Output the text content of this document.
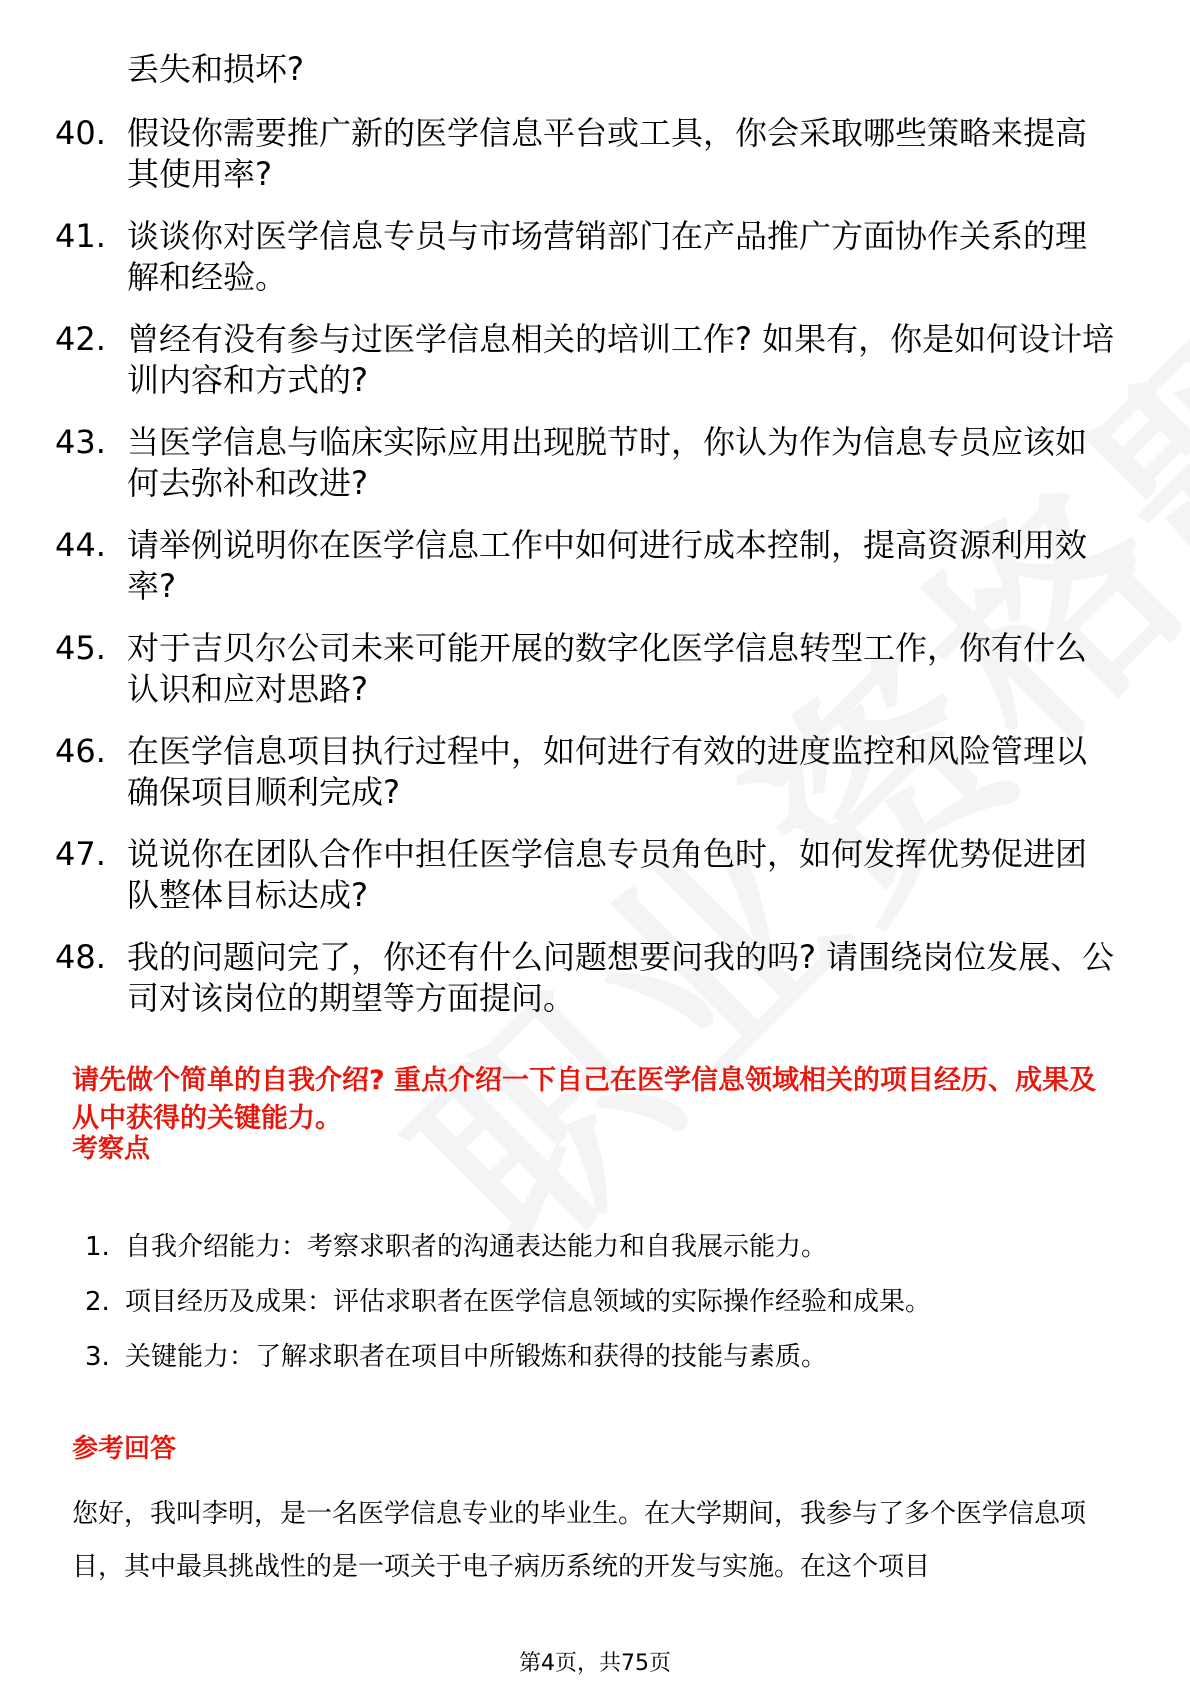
丢失和损坏?
40. 假设你需要推广新的医学信息平台或工具，你会采取哪些策略来提高其使用率?
41. 谈谈你对医学信息专员与市场营销部门在产品推广方面协作关系的理解和经验。
42. 曾经有没有参与过医学信息相关的培训工作? 如果有，你是如何设计培训内容和方式的?
43. 当医学信息与临床实际应用出现脱节时，你认为作为信息专员应该如何去弥补和改进?
44. 请举例说明你在医学信息工作中如何进行成本控制，提高资源利用效率?
45. 对于吉贝尔公司未来可能开展的数字化医学信息转型工作，你有什么认识和应对思路?
46. 在医学信息项目执行过程中，如何进行有效的进度监控和风险管理以确保项目顺利完成?
47. 说说你在团队合作中担任医学信息专员角色时，如何发挥优势促进团队整体目标达成?
48. 我的问题问完了，你还有什么问题想要问我的吗? 请围绕岗位发展、公司对该岗位的期望等方面提问。
请先做个简单的自我介绍? 重点介绍一下自己在医学信息领域相关的项目经历、成果及从中获得的关键能力。
考察点
1. 自我介绍能力：考察求职者的沟通表达能力和自我展示能力。
2. 项目经历及成果：评估求职者在医学信息领域的实际操作经验和成果。
3. 关键能力：了解求职者在项目中所锻炼和获得的技能与素质。
参考回答
您好，我叫李明，是一名医学信息专业的毕业生。在大学期间，我参与了多个医学信息项目，其中最具挑战性的是一项关于电子病历系统的开发与实施。在这个项目
第4页，共75页
